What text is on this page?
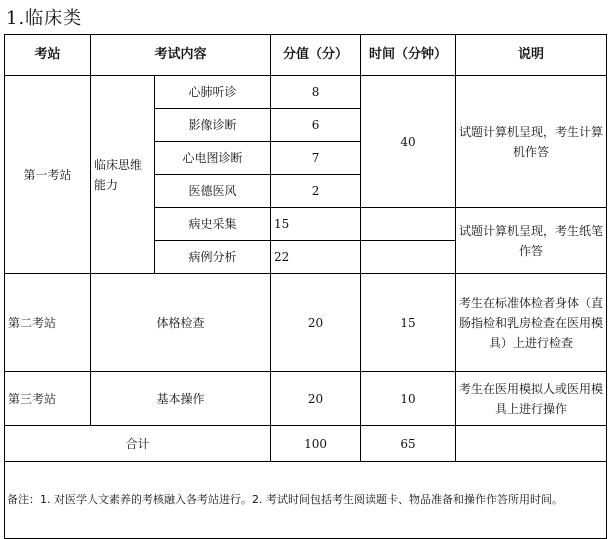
1.临床类
考站	考试内容		分值（分）	时间（分钟）	说明
第一考站	临床思维能力	心肺听诊	8	40	试题计算机呈现，考生计算机作答
		影像诊断	6		
		心电图诊断	7		
		医德医风	2		
		病史采集	15		试题计算机呈现，考生纸笔作答
		病例分析	22		
第二考站	体格检查		20	15	考生在标准体检者身体（直肠指检和乳房检查在医用模具）上进行检查
第三考站	基本操作		20	10	考生在医用模拟人或医用模具上进行操作
合计			100	65	
备注：1. 对医学人文素养的考核融入各考站进行。2. 考试时间包括考生阅读题卡、物品准备和操作作答所用时间。					
